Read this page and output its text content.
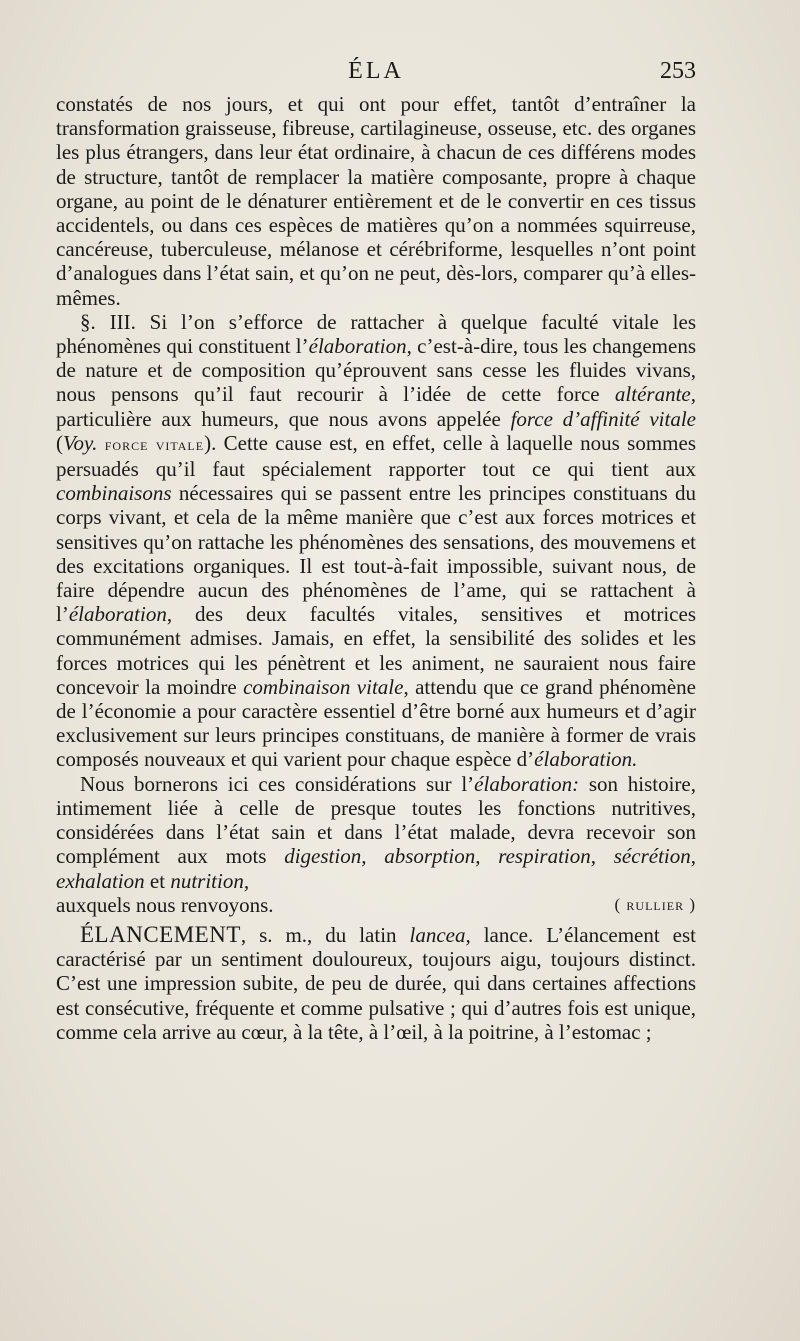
ÉLA	253

constatés de nos jours, et qui ont pour effet, tantôt d’entraîner la transformation graisseuse, fibreuse, cartilagineuse, osseuse, etc. des organes les plus étrangers, dans leur état ordinaire, à chacun de ces différens modes de structure, tantôt de remplacer la matière composante, propre à chaque organe, au point de le dénaturer entièrement et de le convertir en ces tissus accidentels, ou dans ces espèces de matières qu’on a nommées squirreuse, cancéreuse, tuberculeuse, mélanose et cérébriforme, lesquelles n’ont point d’analogues dans l’état sain, et qu’on ne peut, dès-lors, comparer qu’à elles-mêmes.

§. III. Si l’on s’efforce de rattacher à quelque faculté vitale les phénomènes qui constituent l’élaboration, c’est-à-dire, tous les changemens de nature et de composition qu’éprouvent sans cesse les fluides vivans, nous pensons qu’il faut recourir à l’idée de cette force altérante, particulière aux humeurs, que nous avons appelée force d’affinité vitale (Voy. force vitale). Cette cause est, en effet, celle à laquelle nous sommes persuadés qu’il faut spécialement rapporter tout ce qui tient aux combinaisons nécessaires qui se passent entre les principes constituans du corps vivant, et cela de la même manière que c’est aux forces motrices et sensitives qu’on rattache les phénomènes des sensations, des mouvemens et des excitations organiques. Il est tout-à-fait impossible, suivant nous, de faire dépendre aucun des phénomènes de l’ame, qui se rattachent à l’élaboration, des deux facultés vitales, sensitives et motrices communément admises. Jamais, en effet, la sensibilité des solides et les forces motrices qui les pénètrent et les animent, ne sauraient nous faire concevoir la moindre combinaison vitale, attendu que ce grand phénomène de l’économie a pour caractère essentiel d’être borné aux humeurs et d’agir exclusivement sur leurs principes constituans, de manière à former de vrais composés nouveaux et qui varient pour chaque espèce d’élaboration.

Nous bornerons ici ces considérations sur l’élaboration: son histoire, intimement liée à celle de presque toutes les fonctions nutritives, considérées dans l’état sain et dans l’état malade, devra recevoir son complément aux mots digestion, absorption, respiration, sécrétion, exhalation et nutrition,

auxquels nous renvoyons.	( rullier )

ÉLANCEMENT, s. m., du latin lancea, lance. L’élancement est caractérisé par un sentiment douloureux, toujours aigu, toujours distinct. C’est une impression subite, de peu de durée, qui dans certaines affections est consécutive, fréquente et comme pulsative ; qui d’autres fois est unique, comme cela arrive au cœur, à la tête, à l’œil, à la poitrine, à l’estomac ;
